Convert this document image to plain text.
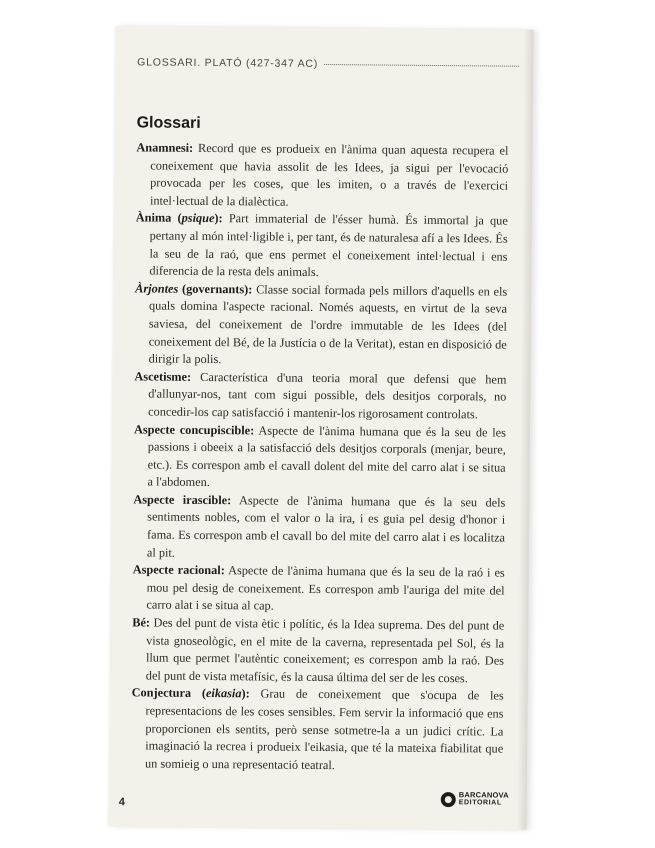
GLOSSARI. PLATÓ (427-347 AC)
Glossari

Anamnesi: Record que es produeix en l'ànima quan aquesta recupera el coneixement que havia assolit de les Idees, ja sigui per l'evocació provocada per les coses, que les imiten, o a través de l'exercici intel·lectual de la dialèctica.

Ànima (psique): Part immaterial de l'ésser humà. És immortal ja que pertany al món intel·ligible i, per tant, és de naturalesa afí a les Idees. És la seu de la raó, que ens permet el coneixement intel·lectual i ens diferencia de la resta dels animals.

Àrjontes (governants): Classe social formada pels millors d'aquells en els quals domina l'aspecte racional. Només aquests, en virtut de la seva saviesa, del coneixement de l'ordre immutable de les Idees (del coneixement del Bé, de la Justícia o de la Veritat), estan en disposició de dirigir la polis.

Ascetisme: Característica d'una teoria moral que defensi que hem d'allunyar-nos, tant com sigui possible, dels desitjos corporals, no concedir-los cap satisfacció i mantenir-los rigorosament controlats.

Aspecte concupiscible: Aspecte de l'ànima humana que és la seu de les passions i obeeix a la satisfacció dels desitjos corporals (menjar, beure, etc.). Es correspon amb el cavall dolent del mite del carro alat i se situa a l'abdomen.

Aspecte irascible: Aspecte de l'ànima humana que és la seu dels sentiments nobles, com el valor o la ira, i es guia pel desig d'honor i fama. Es correspon amb el cavall bo del mite del carro alat i es localitza al pit.

Aspecte racional: Aspecte de l'ànima humana que és la seu de la raó i es mou pel desig de coneixement. Es correspon amb l'auriga del mite del carro alat i se situa al cap.

Bé: Des del punt de vista ètic i polític, és la Idea suprema. Des del punt de vista gnoseològic, en el mite de la caverna, representada pel Sol, és la llum que permet l'autèntic coneixement; es correspon amb la raó. Des del punt de vista metafísic, és la causa última del ser de les coses.

Conjectura (eikasia): Grau de coneixement que s'ocupa de les representacions de les coses sensibles. Fem servir la informació que ens proporcionen els sentits, però sense sotmetre-la a un judici crític. La imaginació la recrea i produeix l'eikasia, que té la mateixa fiabilitat que un somieig o una representació teatral.

4
BARCANOVA
EDITORIAL
